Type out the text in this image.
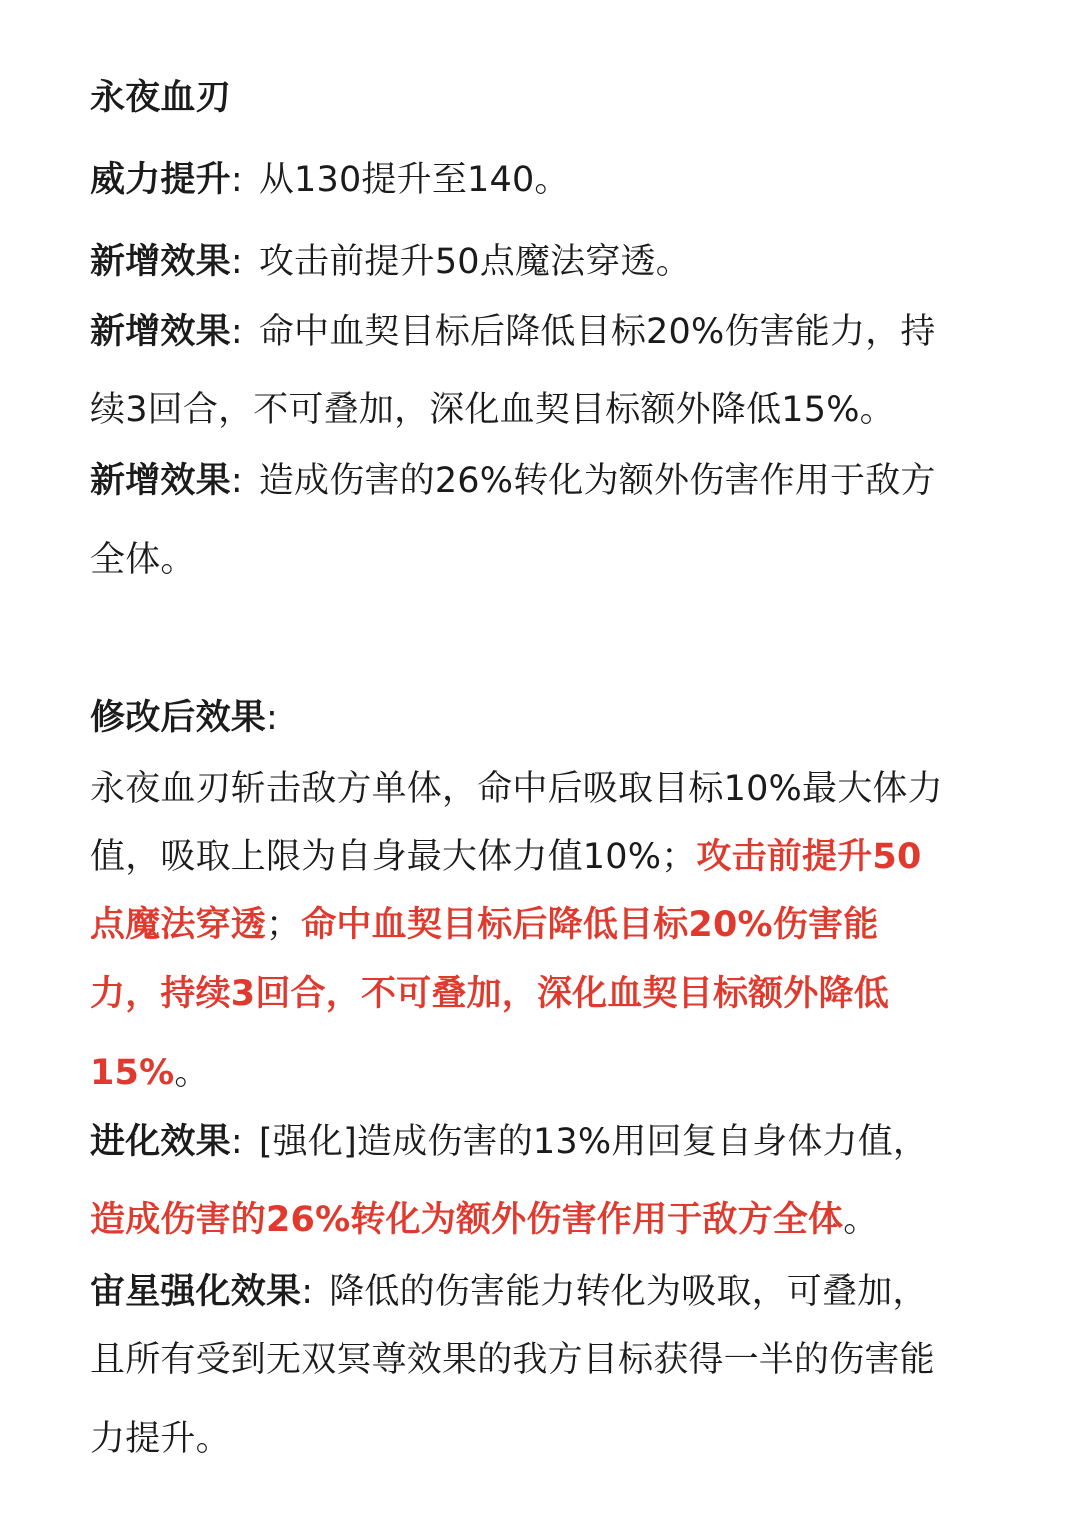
永夜血刃
威力提升: 从130提升至140。
新增效果: 攻击前提升50点魔法穿透。
新增效果: 命中血契目标后降低目标20%伤害能力，持
续3回合，不可叠加，深化血契目标额外降低15%。
新增效果: 造成伤害的26%转化为额外伤害作用于敌方
全体。
修改后效果:
永夜血刃斩击敌方单体，命中后吸取目标10%最大体力
值，吸取上限为自身最大体力值10%；攻击前提升50
点魔法穿透；命中血契目标后降低目标20%伤害能
力，持续3回合，不可叠加，深化血契目标额外降低
15%。
进化效果: [强化]造成伤害的13%用回复自身体力值，
造成伤害的26%转化为额外伤害作用于敌方全体。
宙星强化效果: 降低的伤害能力转化为吸取，可叠加，
且所有受到无双冥尊效果的我方目标获得一半的伤害能
力提升。
